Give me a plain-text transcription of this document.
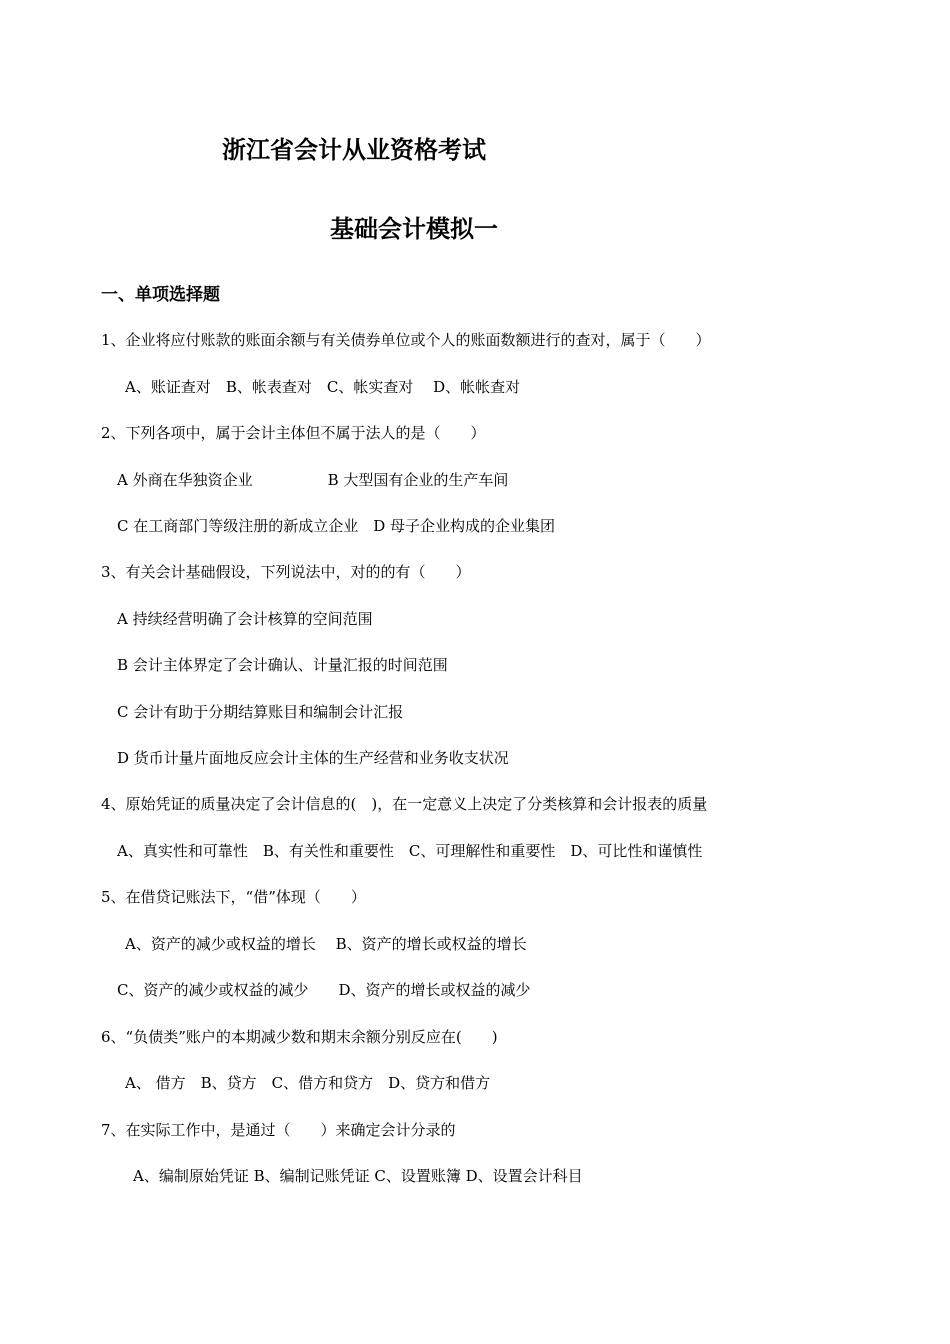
浙江省会计从业资格考试
基础会计模拟一
一、单项选择题
1、企业将应付账款的账面余额与有关债券单位或个人的账面数额进行的查对，属于（　　）
A、账证查对　B、帐表查对　C、帐实查对　 D、帐帐查对
2、下列各项中，属于会计主体但不属于法人的是（　　）
A 外商在华独资企业　　　　　B 大型国有企业的生产车间
C 在工商部门等级注册的新成立企业　D 母子企业构成的企业集团
3、有关会计基础假设，下列说法中，对的的有（　　）
A 持续经营明确了会计核算的空间范围
B 会计主体界定了会计确认、计量汇报的时间范围
C 会计有助于分期结算账目和编制会计汇报
D 货币计量片面地反应会计主体的生产经营和业务收支状况
4、原始凭证的质量决定了会计信息的(　)，在一定意义上决定了分类核算和会计报表的质量
A、真实性和可靠性　B、有关性和重要性　C、可理解性和重要性　D、可比性和谨慎性
5、在借贷记账法下，“借”体现（　　）
A、资产的减少或权益的增长　 B、资产的增长或权益的增长
C、资产的减少或权益的减少　　D、资产的增长或权益的减少
6、“负债类”账户的本期减少数和期末余额分别反应在(　　)
A、 借方　B、贷方　C、借方和贷方　D、贷方和借方
7、在实际工作中，是通过（　　）来确定会计分录的
A、编制原始凭证 B、编制记账凭证 C、设置账簿 D、设置会计科目
